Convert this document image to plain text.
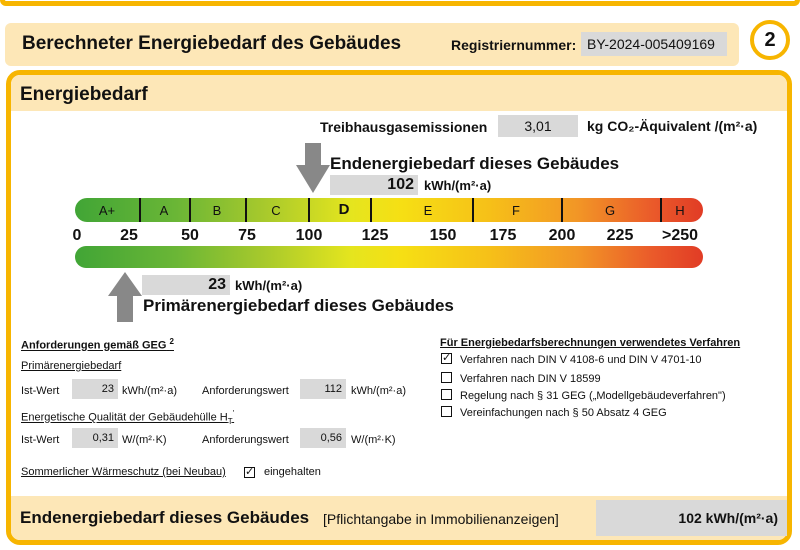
Berechneter Energiebedarf des Gebäudes	Registriernummer: BY-2024-005409169	2
Energiebedarf
Treibhausgasemissionen	3,01	kg CO₂-Äquivalent /(m²·a)
Endenergiebedarf dieses Gebäudes
102 kWh/(m²·a)
A+	A	B	C	D	E	F	G	H
0	25	50	75	100	125	150	175	200	225	>250
23 kWh/(m²·a)
Primärenergiebedarf dieses Gebäudes
Anforderungen gemäß GEG $^2$
Primärenergiebedarf
Ist-Wert	23 kWh/(m²·a) Anforderungswert	112 kWh/(m²·a)
Energetische Qualität der Gebäudehülle $H_T'$
Ist-Wert	0,31 W/(m²·K)	Anforderungswert	0,56 W/(m²·K)
Sommerlicher Wärmeschutz (bei Neubau) ✓ eingehalten
Für Energiebedarfsberechnungen verwendetes Verfahren
✓ Verfahren nach DIN V 4108-6 und DIN V 4701-10
Verfahren nach DIN V 18599
Regelung nach § 31 GEG („Modellgebäudeverfahren")
Vereinfachungen nach § 50 Absatz 4 GEG
Endenergiebedarf dieses Gebäudes [Pflichtangabe in Immobilienanzeigen]	102 kWh/(m²·a)
